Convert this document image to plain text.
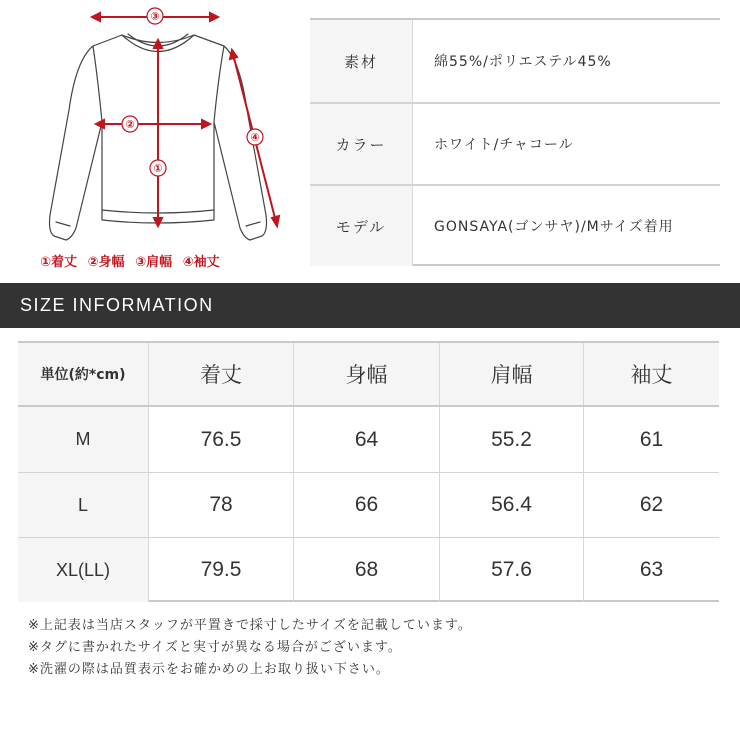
③
②
①
④
①着丈 ②身幅 ③肩幅 ④袖丈
素材	綿55%/ポリエステル45%
カラー	ホワイト/チャコール
モデル	GONSAYA(ゴンサヤ)/Mサイズ着用
SIZE INFORMATION
単位(約*cm)	着丈	身幅	肩幅	袖丈
M	76.5	64	55.2	61
L	78	66	56.4	62
XL(LL)	79.5	68	57.6	63
※上記表は当店スタッフが平置きで採寸したサイズを記載しています。
※タグに書かれたサイズと実寸が異なる場合がございます。
※洗濯の際は品質表示をお確かめの上お取り扱い下さい。
